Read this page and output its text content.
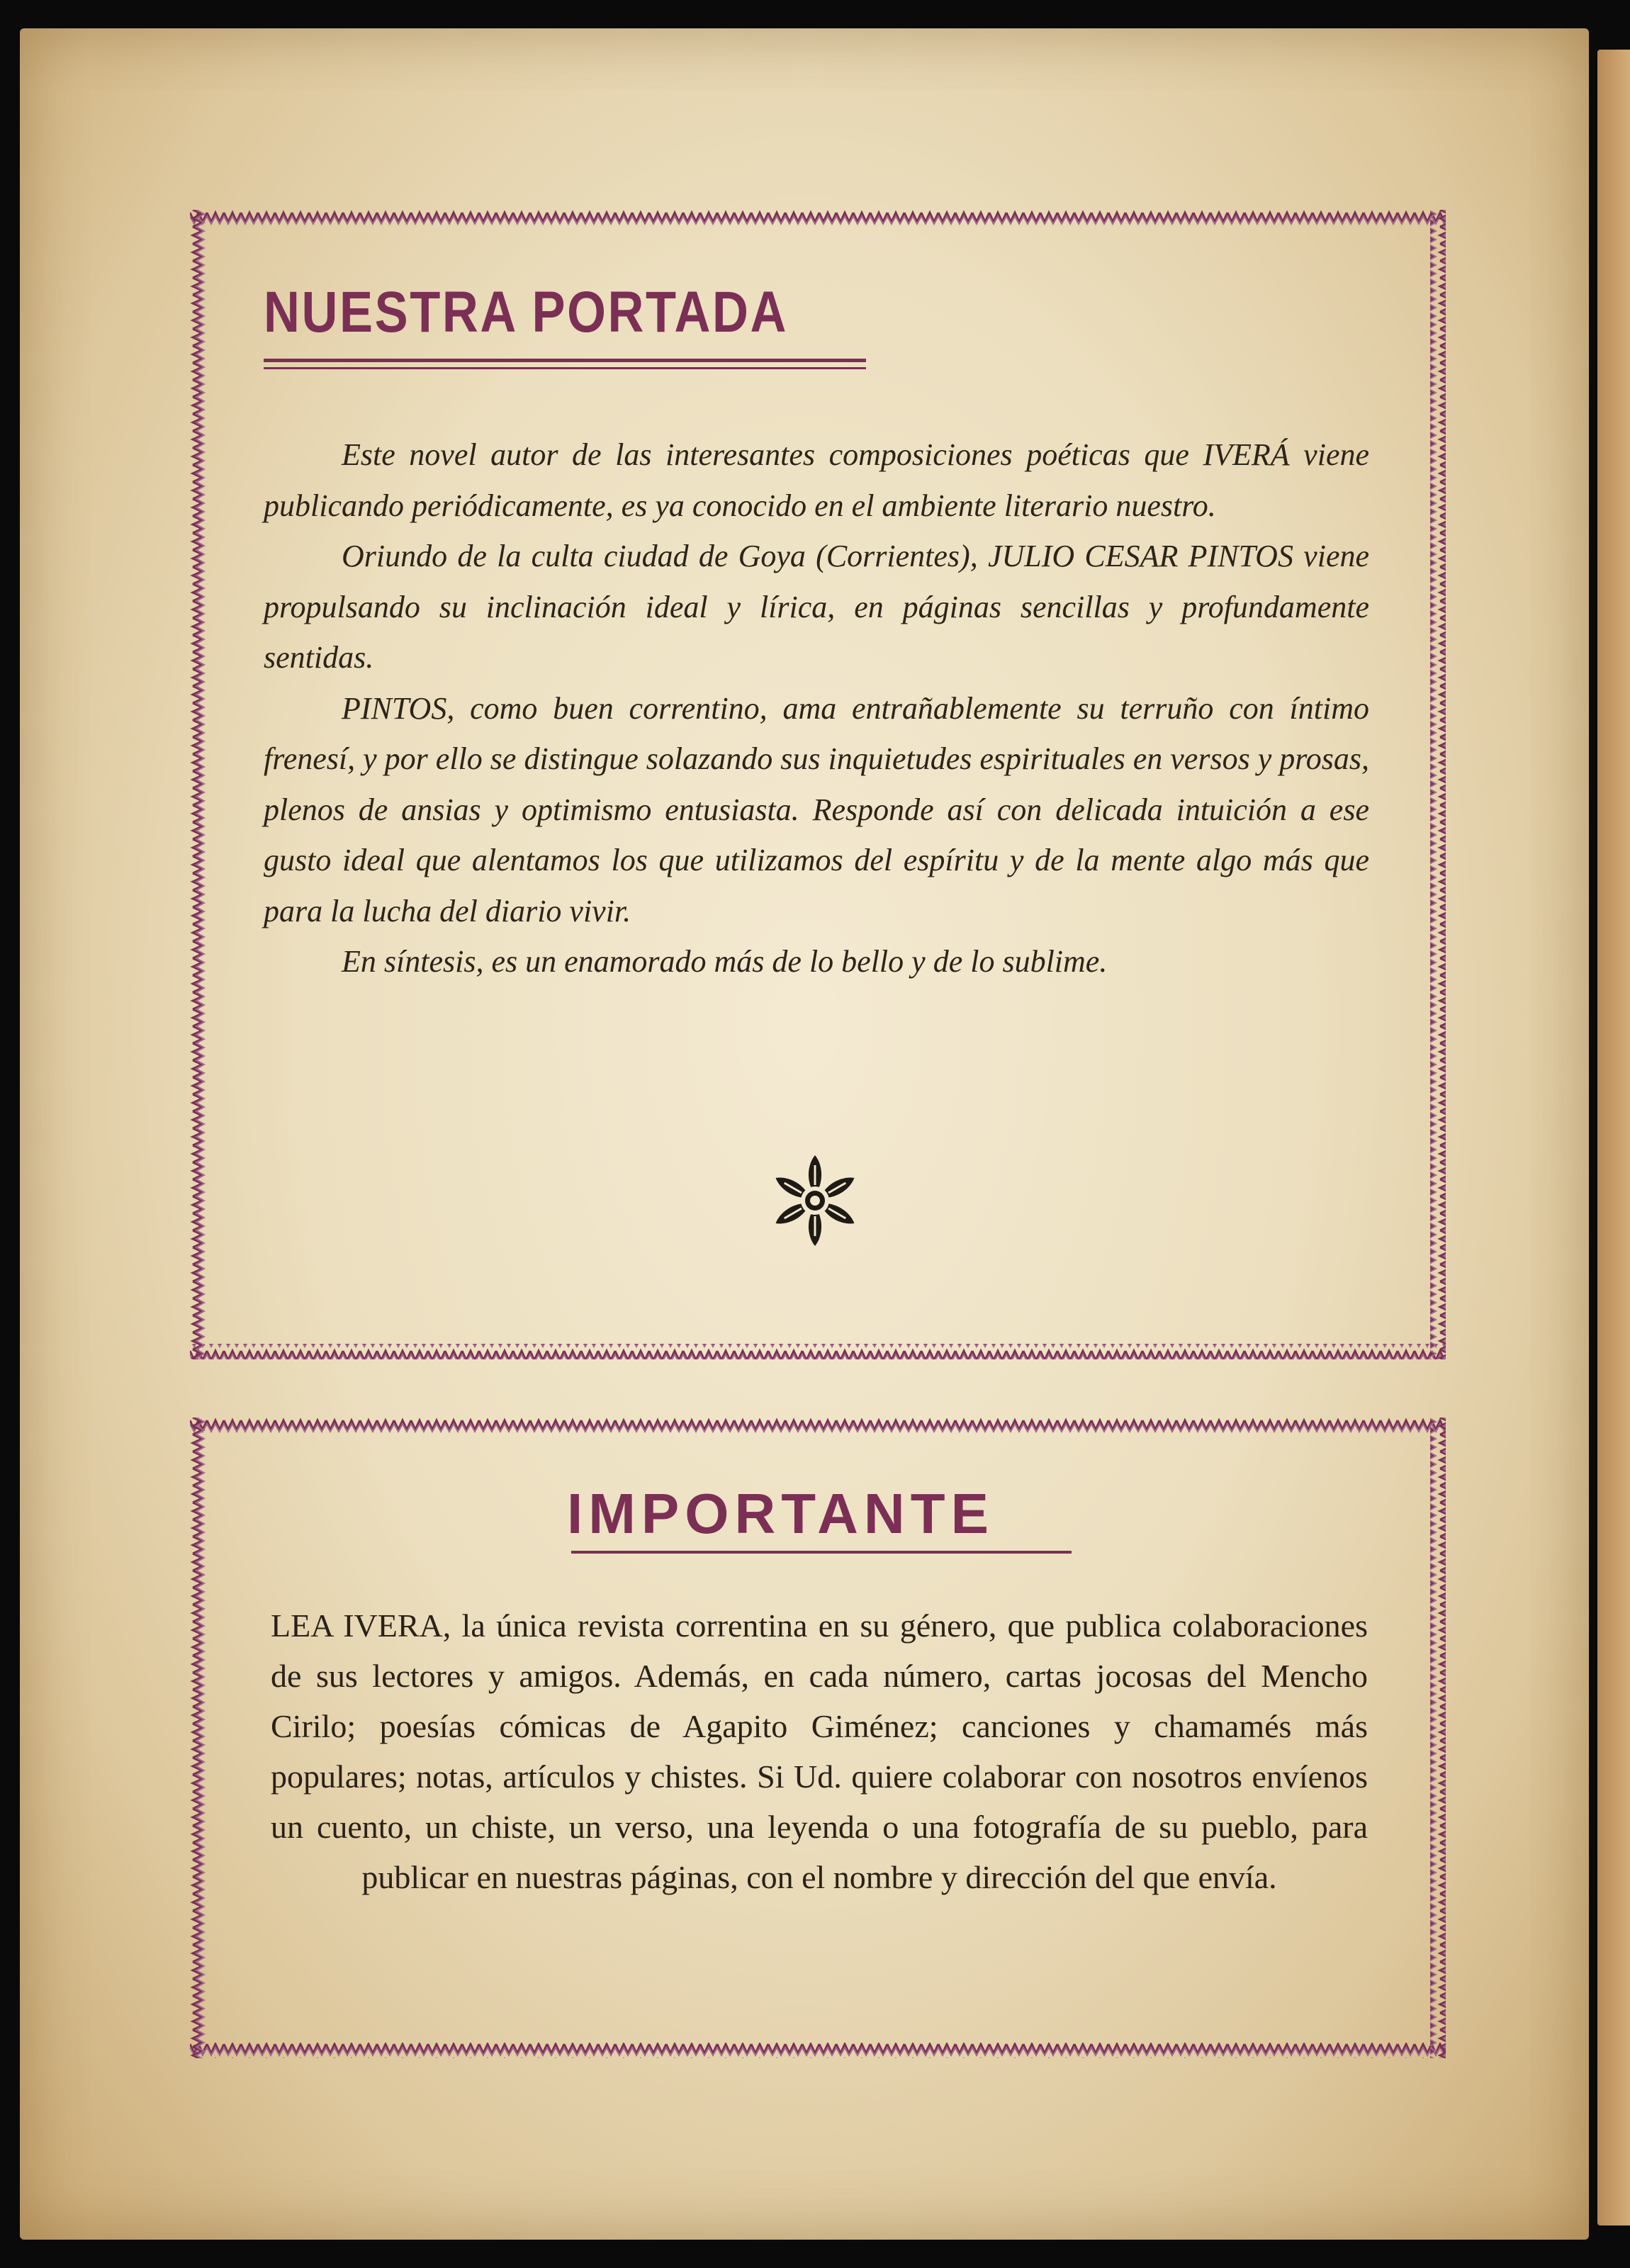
NUESTRA PORTADA

Este novel autor de las interesantes composiciones poéticas que IVERÁ viene publicando periódicamente, es ya conocido en el ambiente literario nuestro.

Oriundo de la culta ciudad de Goya (Corrientes), JULIO CESAR PINTOS viene propulsando su inclinación ideal y lírica, en páginas sencillas y profundamente sentidas.

PINTOS, como buen correntino, ama entrañablemente su terruño con íntimo frenesí, y por ello se distingue solazando sus inquietudes espirituales en versos y prosas, plenos de ansias y optimismo entusiasta. Responde así con delicada intuición a ese gusto ideal que alentamos los que utilizamos del espíritu y de la mente algo más que para la lucha del diario vivir.

En síntesis, es un enamorado más de lo bello y de lo sublime.

IMPORTANTE

LEA IVERA, la única revista correntina en su género, que publica colaboraciones de sus lectores y amigos. Además, en cada número, cartas jocosas del Mencho Cirilo; poesías cómicas de Agapito Giménez; canciones y chamamés más populares; notas, artículos y chistes. Si Ud. quiere colaborar con nosotros envíenos un cuento, un chiste, un verso, una leyenda o una fotografía de su pueblo, para publicar en nuestras páginas, con el nombre y dirección del que envía.
